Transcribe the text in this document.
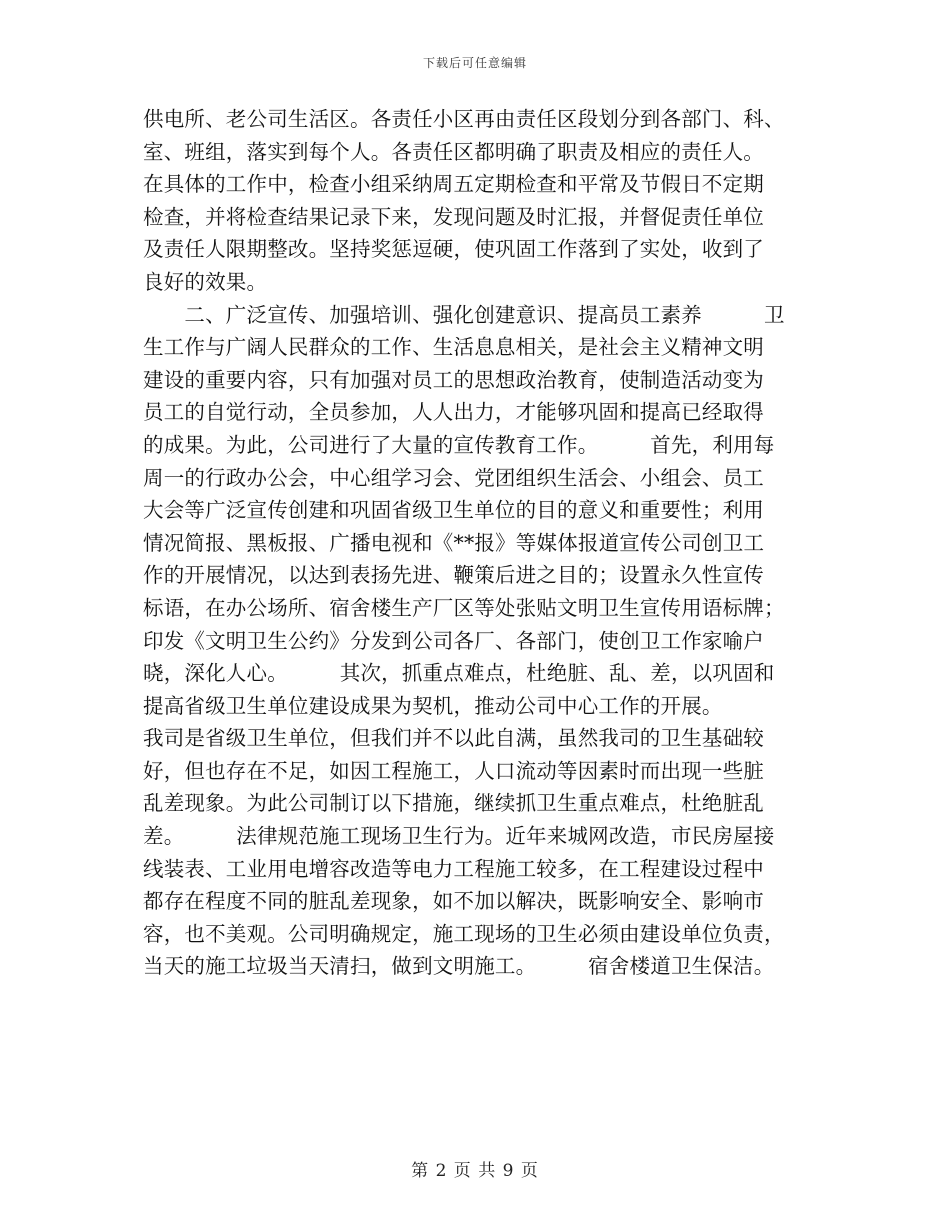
下载后可任意编辑
供电所、老公司生活区。各责任小区再由责任区段划分到各部门、科、
室、班组，落实到每个人。各责任区都明确了职责及相应的责任人。
在具体的工作中，检查小组采纳周五定期检查和平常及节假日不定期
检查，并将检查结果记录下来，发现问题及时汇报，并督促责任单位
及责任人限期整改。坚持奖惩逗硬，使巩固工作落到了实处，收到了
良好的效果。
　　二、广泛宣传、加强培训、强化创建意识、提高员工素养　　　卫
生工作与广阔人民群众的工作、生活息息相关，是社会主义精神文明
建设的重要内容，只有加强对员工的思想政治教育，使制造活动变为
员工的自觉行动，全员参加，人人出力，才能够巩固和提高已经取得
的成果。为此，公司进行了大量的宣传教育工作。　　　首先，利用每
周一的行政办公会，中心组学习会、党团组织生活会、小组会、员工
大会等广泛宣传创建和巩固省级卫生单位的目的意义和重要性；利用
情况简报、黑板报、广播电视和《**报》等媒体报道宣传公司创卫工
作的开展情况，以达到表扬先进、鞭策后进之目的；设置永久性宣传
标语，在办公场所、宿舍楼生产厂区等处张贴文明卫生宣传用语标牌；
印发《文明卫生公约》分发到公司各厂、各部门，使创卫工作家喻户
晓，深化人心。　　　其次，抓重点难点，杜绝脏、乱、差，以巩固和
提高省级卫生单位建设成果为契机，推动公司中心工作的开展。
我司是省级卫生单位，但我们并不以此自满，虽然我司的卫生基础较
好，但也存在不足，如因工程施工，人口流动等因素时而出现一些脏
乱差现象。为此公司制订以下措施，继续抓卫生重点难点，杜绝脏乱
差。　　　法律规范施工现场卫生行为。近年来城网改造，市民房屋接
线装表、工业用电增容改造等电力工程施工较多，在工程建设过程中
都存在程度不同的脏乱差现象，如不加以解决，既影响安全、影响市
容，也不美观。公司明确规定，施工现场的卫生必须由建设单位负责，
当天的施工垃圾当天清扫，做到文明施工。　　　宿舍楼道卫生保洁。
第 2 页 共 9 页
